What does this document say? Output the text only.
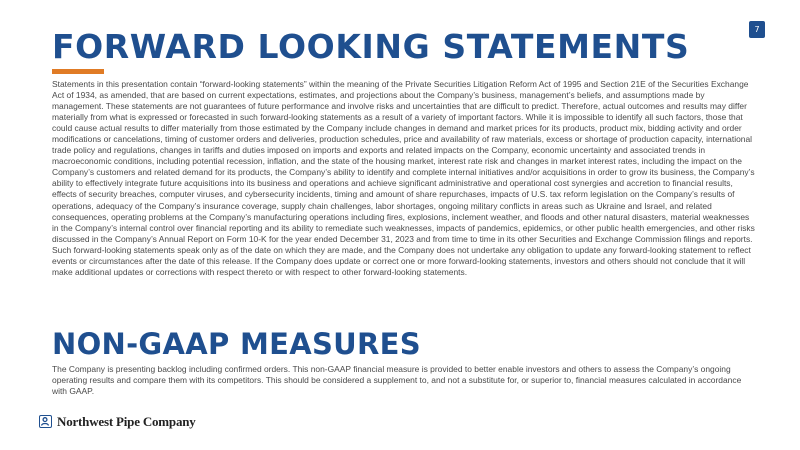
7
FORWARD LOOKING STATEMENTS

Statements in this presentation contain “forward-looking statements” within the meaning of the Private Securities Litigation Reform Act of 1995 and Section 21E of the Securities Exchange Act of 1934, as amended, that are based on current expectations, estimates, and projections about the Company’s business, management’s beliefs, and assumptions made by management. These statements are not guarantees of future performance and involve risks and uncertainties that are difficult to predict. Therefore, actual outcomes and results may differ materially from what is expressed or forecasted in such forward-looking statements as a result of a variety of important factors. While it is impossible to identify all such factors, those that could cause actual results to differ materially from those estimated by the Company include changes in demand and market prices for its products, product mix, bidding activity and order modifications or cancelations, timing of customer orders and deliveries, production schedules, price and availability of raw materials, excess or shortage of production capacity, international trade policy and regulations, changes in tariffs and duties imposed on imports and exports and related impacts on the Company, economic uncertainty and associated trends in macroeconomic conditions, including potential recession, inflation, and the state of the housing market, interest rate risk and changes in market interest rates, including the impact on the Company’s customers and related demand for its products, the Company’s ability to identify and complete internal initiatives and/or acquisitions in order to grow its business, the Company’s ability to effectively integrate future acquisitions into its business and operations and achieve significant administrative and operational cost synergies and accretion to financial results, effects of security breaches, computer viruses, and cybersecurity incidents, timing and amount of share repurchases, impacts of U.S. tax reform legislation on the Company’s results of operations, adequacy of the Company’s insurance coverage, supply chain challenges, labor shortages, ongoing military conflicts in areas such as Ukraine and Israel, and related consequences, operating problems at the Company’s manufacturing operations including fires, explosions, inclement weather, and floods and other natural disasters, material weaknesses in the Company’s internal control over financial reporting and its ability to remediate such weaknesses, impacts of pandemics, epidemics, or other public health emergencies, and other risks discussed in the Company’s Annual Report on Form 10-K for the year ended December 31, 2023 and from time to time in its other Securities and Exchange Commission filings and reports. Such forward-looking statements speak only as of the date on which they are made, and the Company does not undertake any obligation to update any forward-looking statement to reflect events or circumstances after the date of this release. If the Company does update or correct one or more forward-looking statements, investors and others should not conclude that it will make additional updates or corrections with respect thereto or with respect to other forward-looking statements.

NON-GAAP MEASURES

The Company is presenting backlog including confirmed orders. This non-GAAP financial measure is provided to better enable investors and others to assess the Company’s ongoing operating results and compare them with its competitors. This should be considered a supplement to, and not a substitute for, or superior to, financial measures calculated in accordance with GAAP.

Northwest Pipe Company
